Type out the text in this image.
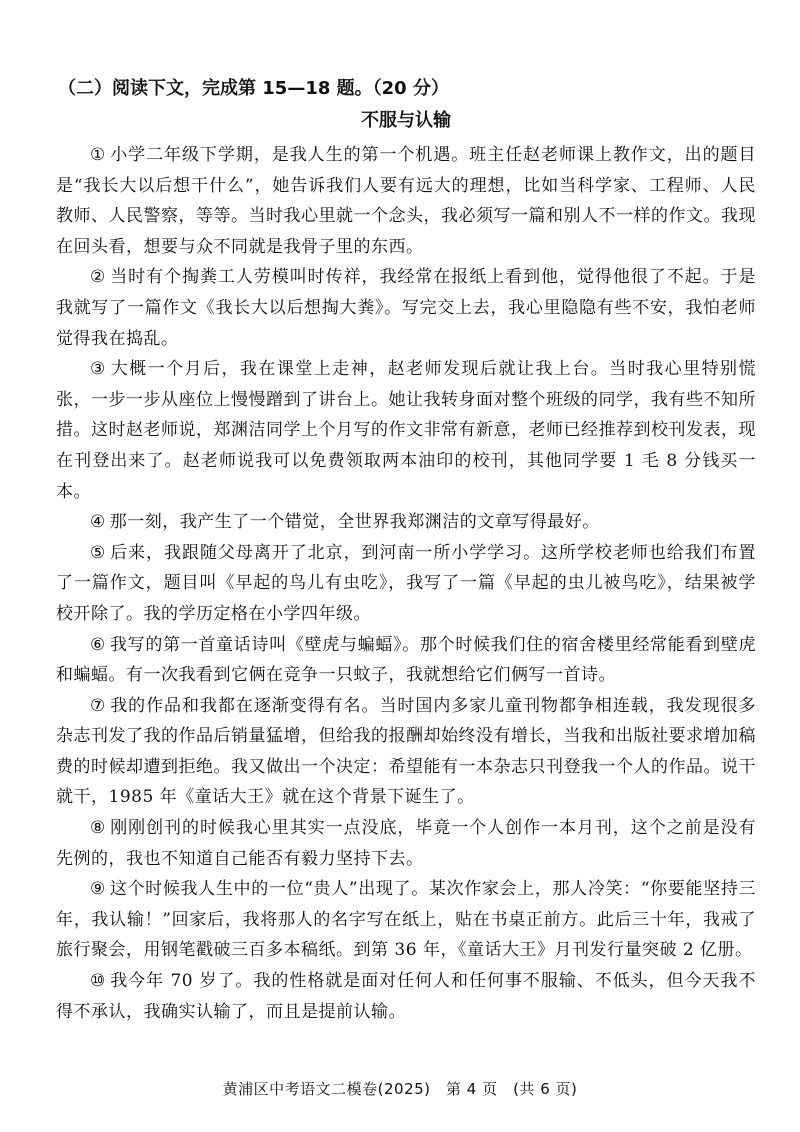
（二）阅读下文，完成第 15—18 题。（20 分）
不服与认输

① 小学二年级下学期，是我人生的第一个机遇。班主任赵老师课上教作文，出的题目是“我长大以后想干什么”，她告诉我们人要有远大的理想，比如当科学家、工程师、人民教师、人民警察，等等。当时我心里就一个念头，我必须写一篇和别人不一样的作文。我现在回头看，想要与众不同就是我骨子里的东西。

② 当时有个掏粪工人劳模叫时传祥，我经常在报纸上看到他，觉得他很了不起。于是我就写了一篇作文《我长大以后想掏大粪》。写完交上去，我心里隐隐有些不安，我怕老师觉得我在捣乱。

③ 大概一个月后，我在课堂上走神，赵老师发现后就让我上台。当时我心里特别慌张，一步一步从座位上慢慢蹭到了讲台上。她让我转身面对整个班级的同学，我有些不知所措。这时赵老师说，郑渊洁同学上个月写的作文非常有新意，老师已经推荐到校刊发表，现在刊登出来了。赵老师说我可以免费领取两本油印的校刊，其他同学要 1 毛 8 分钱买一本。

④ 那一刻，我产生了一个错觉，全世界我郑渊洁的文章写得最好。

⑤ 后来，我跟随父母离开了北京，到河南一所小学学习。这所学校老师也给我们布置了一篇作文，题目叫《早起的鸟儿有虫吃》，我写了一篇《早起的虫儿被鸟吃》，结果被学校开除了。我的学历定格在小学四年级。

⑥ 我写的第一首童话诗叫《壁虎与蝙蝠》。那个时候我们住的宿舍楼里经常能看到壁虎和蝙蝠。有一次我看到它俩在竞争一只蚊子，我就想给它们俩写一首诗。

⑦ 我的作品和我都在逐渐变得有名。当时国内多家儿童刊物都争相连载，我发现很多杂志刊发了我的作品后销量猛增，但给我的报酬却始终没有增长，当我和出版社要求增加稿费的时候却遭到拒绝。我又做出一个决定：希望能有一本杂志只刊登我一个人的作品。说干就干，1985 年《童话大王》就在这个背景下诞生了。

⑧ 刚刚创刊的时候我心里其实一点没底，毕竟一个人创作一本月刊，这个之前是没有先例的，我也不知道自己能否有毅力坚持下去。

⑨ 这个时候我人生中的一位“贵人”出现了。某次作家会上，那人冷笑：“你要能坚持三年，我认输！”回家后，我将那人的名字写在纸上，贴在书桌正前方。此后三十年，我戒了旅行聚会，用钢笔戳破三百多本稿纸。到第 36 年，《童话大王》月刊发行量突破 2 亿册。

⑩ 我今年 70 岁了。我的性格就是面对任何人和任何事不服输、不低头，但今天我不得不承认，我确实认输了，而且是提前认输。

黄浦区中考语文二模卷(2025)　第 4 页　(共 6 页)
